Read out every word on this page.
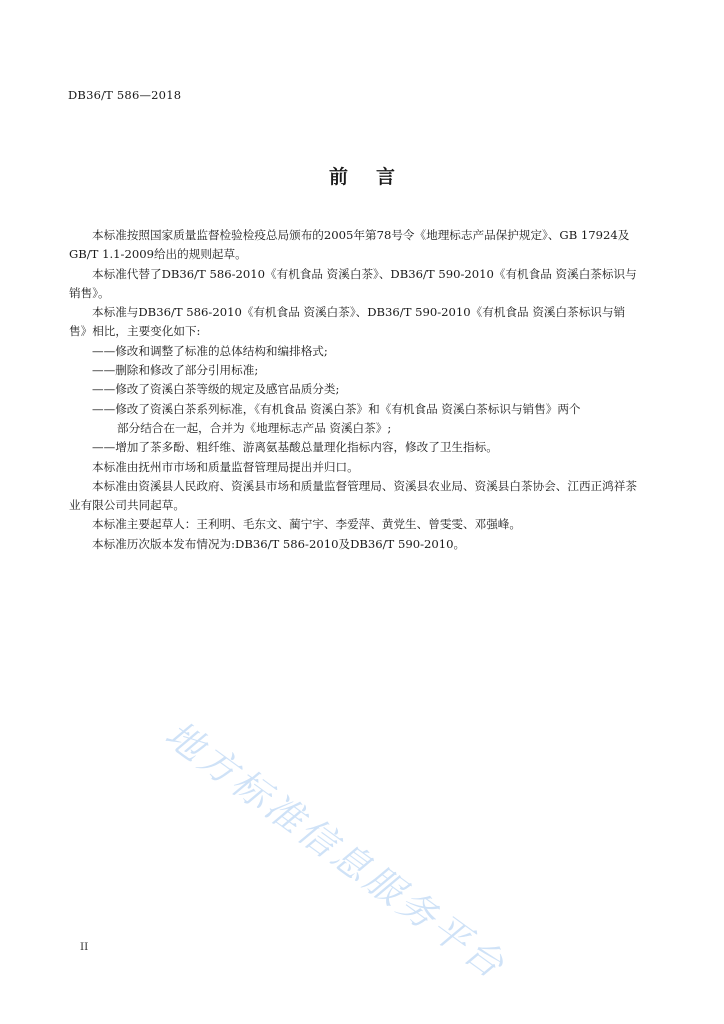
DB36/T 586—2018
前言

本标准按照国家质量监督检验检疫总局颁布的2005年第78号令《地理标志产品保护规定》、GB 17924及GB/T 1.1-2009给出的规则起草。

本标准代替了DB36/T 586-2010《有机食品 资溪白茶》、DB36/T 590-2010《有机食品 资溪白茶标识与销售》。

本标准与DB36/T 586-2010《有机食品 资溪白茶》、DB36/T 590-2010《有机食品 资溪白茶标识与销售》相比，主要变化如下:

——修改和调整了标准的总体结构和编排格式;

——删除和修改了部分引用标准;

——修改了资溪白茶等级的规定及感官品质分类;

——修改了资溪白茶系列标准，《有机食品 资溪白茶》和《有机食品 资溪白茶标识与销售》两个

部分结合在一起，合并为《地理标志产品 资溪白茶》;

——增加了茶多酚、粗纤维、游离氨基酸总量理化指标内容，修改了卫生指标。

本标准由抚州市市场和质量监督管理局提出并归口。

本标准由资溪县人民政府、资溪县市场和质量监督管理局、资溪县农业局、资溪县白茶协会、江西正鸿祥茶业有限公司共同起草。

本标准主要起草人：王利明、毛东文、蔺宁宇、李爱萍、黄党生、曾雯雯、邓强峰。

本标准历次版本发布情况为:DB36/T 586-2010及DB36/T 590-2010。

地方标准信息服务平台
II
